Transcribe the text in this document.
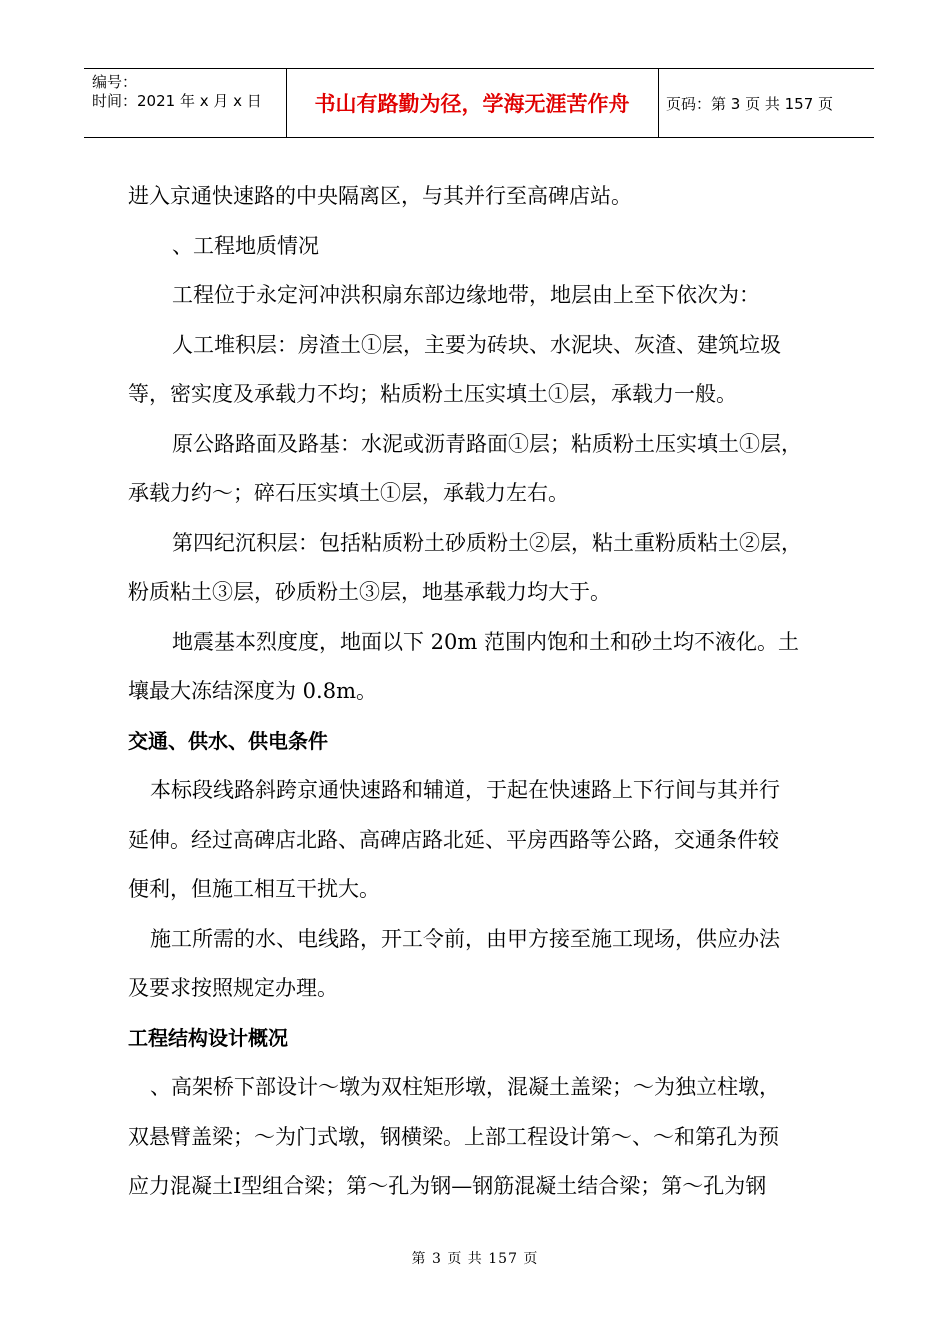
编号：
时间：2021 年 x 月 x 日	书山有路勤为径，学海无涯苦作舟	页码：第 3 页 共 157 页
进入京通快速路的中央隔离区，与其并行至高碑店站。
、工程地质情况
工程位于永定河冲洪积扇东部边缘地带，地层由上至下依次为：
人工堆积层：房渣土①层，主要为砖块、水泥块、灰渣、建筑垃圾
等，密实度及承载力不均；粘质粉土压实填土①层，承载力一般。
原公路路面及路基：水泥或沥青路面①层；粘质粉土压实填土①层，
承载力约～；碎石压实填土①层，承载力左右。
第四纪沉积层：包括粘质粉土砂质粉土②层，粘土重粉质粘土②层，
粉质粘土③层，砂质粉土③层，地基承载力均大于。
地震基本烈度度，地面以下 20m 范围内饱和土和砂土均不液化。土
壤最大冻结深度为 0.8m。
交通、供水、供电条件
本标段线路斜跨京通快速路和辅道，于起在快速路上下行间与其并行
延伸。经过高碑店北路、高碑店路北延、平房西路等公路，交通条件较
便利，但施工相互干扰大。
施工所需的水、电线路，开工令前，由甲方接至施工现场，供应办法
及要求按照规定办理。
工程结构设计概况
、高架桥下部设计～墩为双柱矩形墩，混凝土盖梁；～为独立柱墩，
双悬臂盖梁；～为门式墩，钢横梁。上部工程设计第～、～和第孔为预
应力混凝土Ⅰ型组合梁；第～孔为钢—钢筋混凝土结合梁；第～孔为钢
第 3 页 共 157 页
